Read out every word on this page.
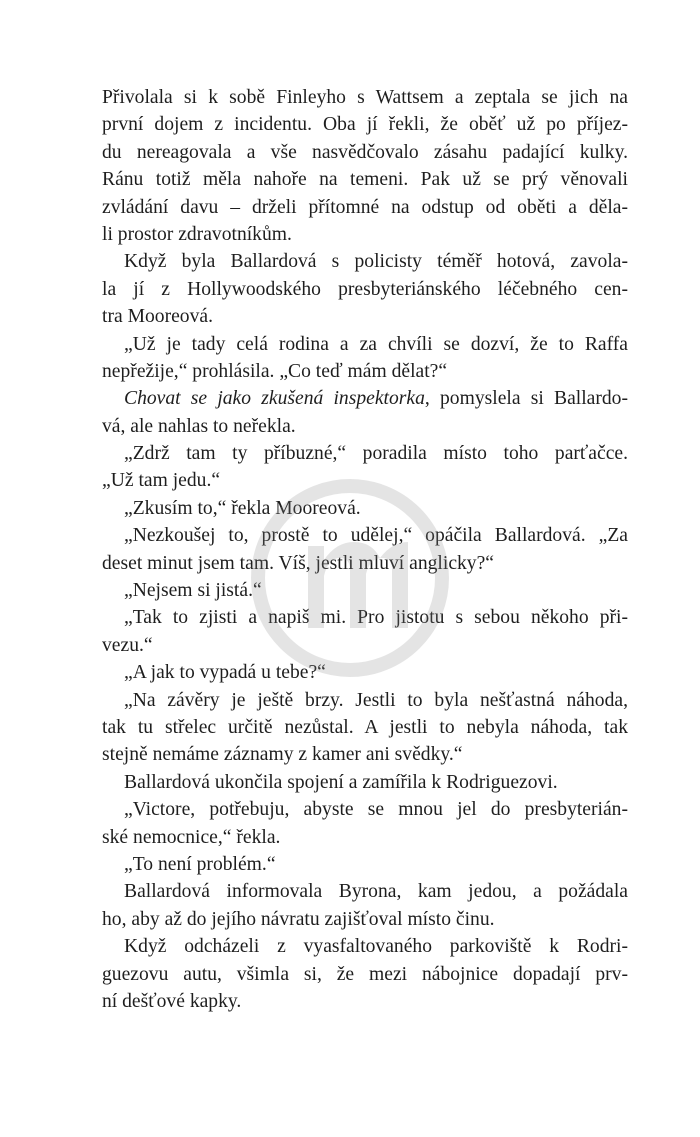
Přivolala si k sobě Finleyho s Wattsem a zeptala se jich na
první dojem z incidentu. Oba jí řekli, že oběť už po příjez-
du nereagovala a vše nasvědčovalo zásahu padající kulky.
Ránu totiž měla nahoře na temeni. Pak už se prý věnovali
zvládání davu – drželi přítomné na odstup od oběti a děla-
li prostor zdravotníkům.

Když byla Ballardová s policisty téměř hotová, zavola-
la jí z Hollywoodského presbyteriánského léčebného cen-
tra Mooreová.

„Už je tady celá rodina a za chvíli se dozví, že to Raffa
nepřežije,“ prohlásila. „Co teď mám dělat?“

Chovat se jako zkušená inspektorka, pomyslela si Ballardo-
vá, ale nahlas to neřekla.

„Zdrž tam ty příbuzné,“ poradila místo toho parťačce.
„Už tam jedu.“

„Zkusím to,“ řekla Mooreová.

„Nezkoušej to, prostě to udělej,“ opáčila Ballardová. „Za
deset minut jsem tam. Víš, jestli mluví anglicky?“

„Nejsem si jistá.“

„Tak to zjisti a napiš mi. Pro jistotu s sebou někoho při-
vezu.“

„A jak to vypadá u tebe?“

„Na závěry je ještě brzy. Jestli to byla nešťastná náhoda,
tak tu střelec určitě nezůstal. A jestli to nebyla náhoda, tak
stejně nemáme záznamy z kamer ani svědky.“

Ballardová ukončila spojení a zamířila k Rodriguezovi.

„Victore, potřebuju, abyste se mnou jel do presbyterián-
ské nemocnice,“ řekla.

„To není problém.“

Ballardová informovala Byrona, kam jedou, a požádala
ho, aby až do jejího návratu zajišťoval místo činu.

Když odcházeli z vyasfaltovaného parkoviště k Rodri-
guezovu autu, všimla si, že mezi nábojnice dopadají prv-
ní dešťové kapky.
